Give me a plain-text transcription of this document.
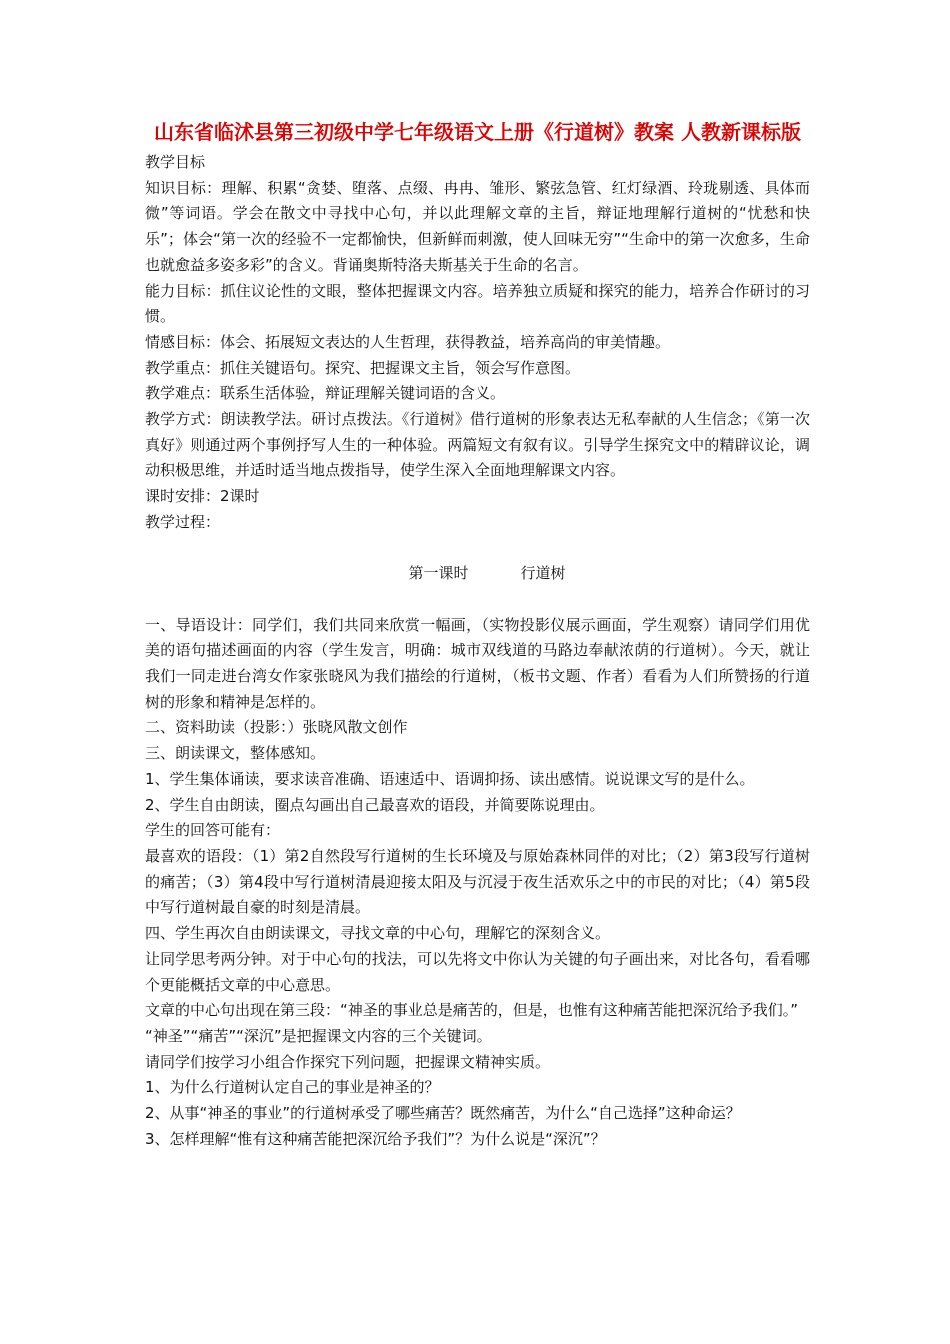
山东省临沭县第三初级中学七年级语文上册《行道树》教案 人教新课标版

教学目标

知识目标：理解、积累“贪婪、堕落、点缀、冉冉、雏形、繁弦急管、红灯绿酒、玲珑剔透、具体而微”等词语。学会在散文中寻找中心句，并以此理解文章的主旨，辩证地理解行道树的“忧愁和快乐”；体会“第一次的经验不一定都愉快，但新鲜而刺激，使人回味无穷”“生命中的第一次愈多，生命也就愈益多姿多彩”的含义。背诵奥斯特洛夫斯基关于生命的名言。

能力目标：抓住议论性的文眼，整体把握课文内容。培养独立质疑和探究的能力，培养合作研讨的习惯。

情感目标：体会、拓展短文表达的人生哲理，获得教益，培养高尚的审美情趣。

教学重点：抓住关键语句。探究、把握课文主旨，领会写作意图。

教学难点：联系生活体验，辩证理解关键词语的含义。

教学方式：朗读教学法。研讨点拨法。《行道树》借行道树的形象表达无私奉献的人生信念；《第一次真好》则通过两个事例抒写人生的一种体验。两篇短文有叙有议。引导学生探究文中的精辟议论，调动积极思维，并适时适当地点拨指导，使学生深入全面地理解课文内容。

课时安排：2课时

教学过程：

第一课时	行道树

一、导语设计：同学们，我们共同来欣赏一幅画，（实物投影仪展示画面，学生观察）请同学们用优美的语句描述画面的内容（学生发言，明确：城市双线道的马路边奉献浓荫的行道树）。今天，就让我们一同走进台湾女作家张晓风为我们描绘的行道树，（板书文题、作者）看看为人们所赞扬的行道树的形象和精神是怎样的。

二、资料助读（投影：）张晓风散文创作

三、朗读课文，整体感知。

1、学生集体诵读，要求读音准确、语速适中、语调抑扬、读出感情。说说课文写的是什么。

2、学生自由朗读，圈点勾画出自己最喜欢的语段，并简要陈说理由。

学生的回答可能有：

最喜欢的语段：（1）第2自然段写行道树的生长环境及与原始森林同伴的对比；（2）第3段写行道树的痛苦；（3）第4段中写行道树清晨迎接太阳及与沉浸于夜生活欢乐之中的市民的对比；（4）第5段中写行道树最自豪的时刻是清晨。

四、学生再次自由朗读课文，寻找文章的中心句，理解它的深刻含义。

让同学思考两分钟。对于中心句的找法，可以先将文中你认为关键的句子画出来，对比各句，看看哪个更能概括文章的中心意思。

文章的中心句出现在第三段：“神圣的事业总是痛苦的，但是，也惟有这种痛苦能把深沉给予我们。”

“神圣”“痛苦”“深沉”是把握课文内容的三个关键词。

请同学们按学习小组合作探究下列问题，把握课文精神实质。

1、为什么行道树认定自己的事业是神圣的？

2、从事“神圣的事业”的行道树承受了哪些痛苦？既然痛苦，为什么“自己选择”这种命运？

3、怎样理解“惟有这种痛苦能把深沉给予我们”？为什么说是“深沉”？
